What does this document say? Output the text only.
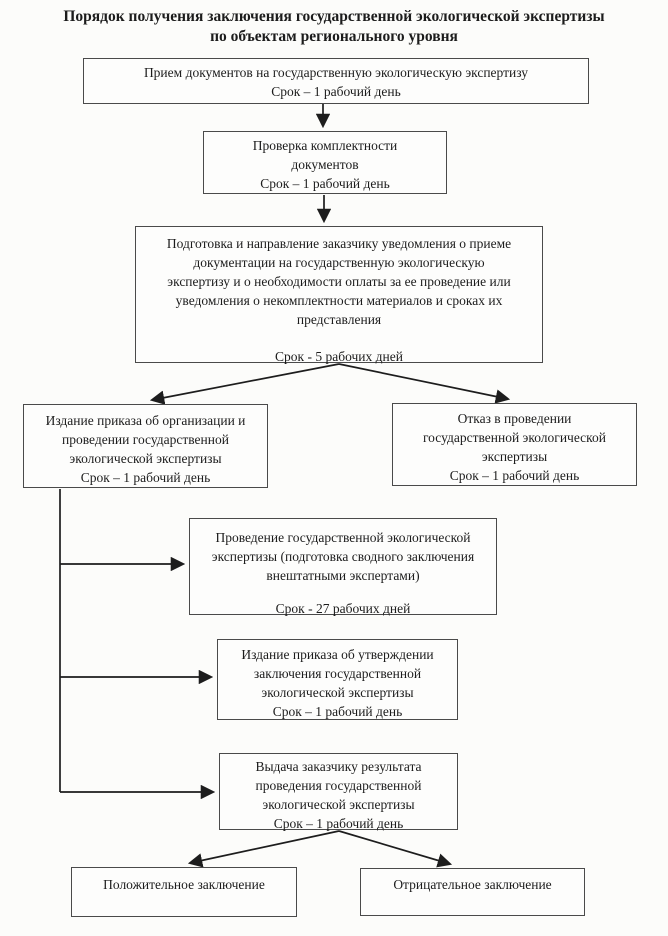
Порядок получения заключения государственной экологической экспертизы
по объектам регионального уровня
Прием документов на государственную экологическую экспертизу
Срок – 1 рабочий день
Проверка комплектности
документов
Срок – 1 рабочий день
Подготовка и направление заказчику уведомления о приеме
документации на государственную экологическую
экспертизу и о необходимости оплаты за ее проведение или
уведомления о некомплектности материалов и сроках их
представления
Срок - 5 рабочих дней
Издание приказа об организации и
проведении государственной
экологической экспертизы
Срок – 1 рабочий день
Отказ в проведении
государственной экологической
экспертизы
Срок – 1 рабочий день
Проведение государственной экологической
экспертизы (подготовка сводного заключения
внештатными экспертами)
Срок - 27 рабочих дней
Издание приказа об утверждении
заключения государственной
экологической экспертизы
Срок – 1 рабочий день
Выдача заказчику результата
проведения государственной
экологической экспертизы
Срок – 1 рабочий день
Положительное заключение	Отрицательное заключение
